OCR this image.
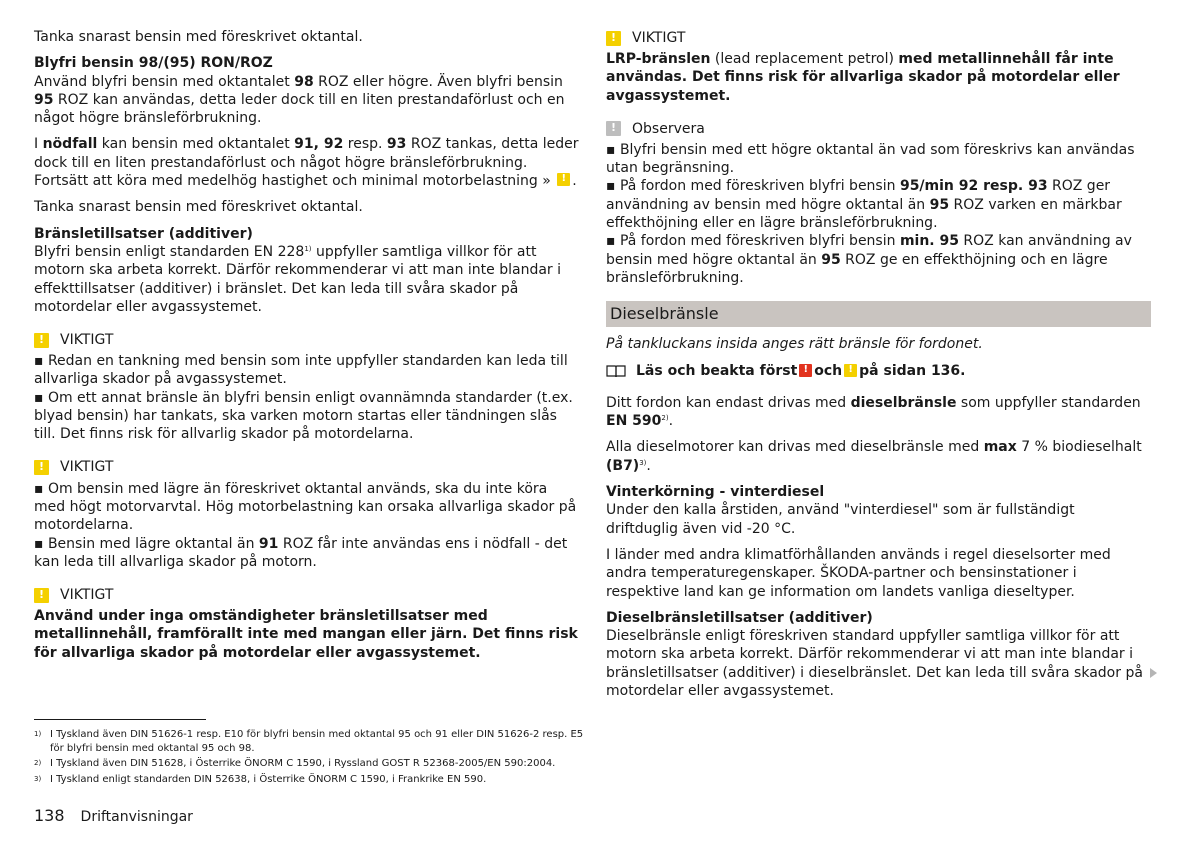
Tanka snarast bensin med föreskrivet oktantal.

Blyfri bensin 98/(95) RON/ROZ
Använd blyfri bensin med oktantalet 98 ROZ eller högre. Även blyfri bensin 95 ROZ kan användas, detta leder dock till en liten prestandaförlust och en något högre bränsleförbrukning.

I nödfall kan bensin med oktantalet 91, 92 resp. 93 ROZ tankas, detta leder dock till en liten prestandaförlust och något högre bränsleförbrukning. Fortsätt att köra med medelhög hastighet och minimal motorbelastning » ! .

Tanka snarast bensin med föreskrivet oktantal.

Bränsletillsatser (additiver)
Blyfri bensin enligt standarden EN 228$^{1)}$ uppfyller samtliga villkor för att motorn ska arbeta korrekt. Därför rekommenderar vi att man inte blandar i effekttillsatser (additiver) i bränslet. Det kan leda till svåra skador på motordelar eller avgassystemet.

!	VIKTIGT
▪ Redan en tankning med bensin som inte uppfyller standarden kan leda till allvarliga skador på avgassystemet.
▪ Om ett annat bränsle än blyfri bensin enligt ovannämnda standarder (t.ex. blyad bensin) har tankats, ska varken motorn startas eller tändningen slås till. Det finns risk för allvarlig skador på motordelarna.
!	VIKTIGT
▪ Om bensin med lägre än föreskrivet oktantal används, ska du inte köra med högt motorvarvtal. Hög motorbelastning kan orsaka allvarliga skador på motordelarna.
▪ Bensin med lägre oktantal än 91 ROZ får inte användas ens i nödfall - det kan leda till allvarliga skador på motorn.
!	VIKTIGT
Använd under inga omständigheter bränsletillsatser med metallinnehåll, framförallt inte med mangan eller järn. Det finns risk för allvarliga skador på motordelar eller avgassystemet.
!	VIKTIGT
LRP-bränslen (lead replacement petrol) med metallinnehåll får inte användas. Det finns risk för allvarliga skador på motordelar eller avgassystemet.
!	Observera
▪ Blyfri bensin med ett högre oktantal än vad som föreskrivs kan användas utan begränsning.
▪ På fordon med föreskriven blyfri bensin 95/min 92 resp. 93 ROZ ger användning av bensin med högre oktantal än 95 ROZ varken en märkbar effekthöjning eller en lägre bränsleförbrukning.
▪ På fordon med föreskriven blyfri bensin min. 95 ROZ kan användning av bensin med högre oktantal än 95 ROZ ge en effekthöjning och en lägre bränsleförbrukning.
Dieselbränsle

På tankluckans insida anges rätt bränsle för fordonet.

Läs och beakta först ! och ! på sidan 136.

Ditt fordon kan endast drivas med dieselbränsle som uppfyller standarden EN 590$^{2)}$.

Alla dieselmotorer kan drivas med dieselbränsle med max 7 % biodieselhalt $(B7)^{3)}$.

Vinterkörning - vinterdiesel
Under den kalla årstiden, använd "vinterdiesel" som är fullständigt driftduglig även vid -20 °C.

I länder med andra klimatförhållanden används i regel dieselsorter med andra temperaturegenskaper. ŠKODA-partner och bensinstationer i respektive land kan ge information om landets vanliga dieseltyper.

Dieselbränsletillsatser (additiver)
Dieselbränsle enligt föreskriven standard uppfyller samtliga villkor för att motorn ska arbeta korrekt. Därför rekommenderar vi att man inte blandar i bränsletillsatser (additiver) i dieselbränslet. Det kan leda till svåra skador på motordelar eller avgassystemet.

1) I Tyskland även DIN 51626-1 resp. E10 för blyfri bensin med oktantal 95 och 91 eller DIN 51626-2 resp. E5 för blyfri bensin med oktantal 95 och 98.
2) I Tyskland även DIN 51628, i Österrike ÖNORM C 1590, i Ryssland GOST R 52368-2005/EN 590:2004.
3) I Tyskland enligt standarden DIN 52638, i Österrike ÖNORM C 1590, i Frankrike EN 590.
138 Driftanvisningar
